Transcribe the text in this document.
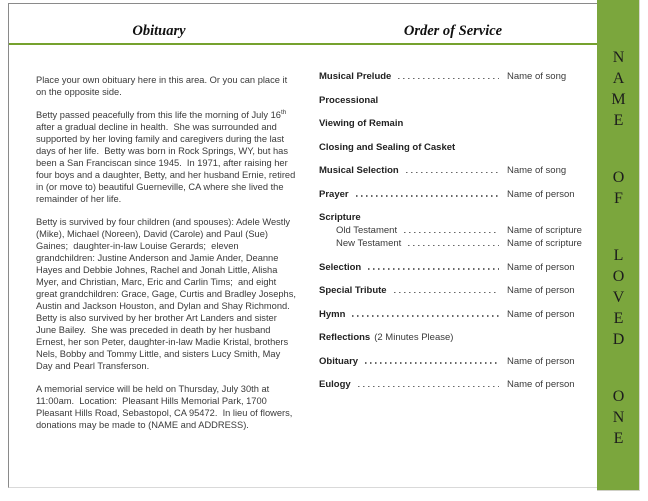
Obituary	Order of Service

Place your own obituary here in this area. Or you can place it on the opposite side.

Betty passed peacefully from this life the morning of July 16th after a gradual decline in health.  She was surrounded and supported by her loving family and caregivers during the last days of her life.  Betty was born in Rock Springs, WY, but has been a San Franciscan since 1945.  In 1971, after raising her four boys and a daughter, Betty, and her husband Ernie, retired in (or move to) beautiful Guerneville, CA where she lived the remainder of her life.

Betty is survived by four children (and spouses): Adele Westly (Mike), Michael (Noreen), David (Carole) and Paul (Sue) Gaines;  daughter-in-law Louise Gerards;  eleven grandchildren: Justine Anderson and Jamie Ander, Deanne Hayes and Debbie Johnes, Rachel and Jonah Little, Alisha Myer, and Christian, Marc, Eric and Carlin Tims;  and eight great grandchildren: Grace, Gage, Curtis and Bradley Josephs, Austin and Jackson Houston, and Dylan and Shay Richmond.  Betty is also survived by her brother Art Landers and sister June Bailey.  She was preceded in death by her husband Ernest, her son Peter, daughter-in-law Madie Kristal, brothers Nels, Bobby and Tommy Little, and sisters Lucy Smith, May Day and Pearl Transferson.

A memorial service will be held on Thursday, July 30th at 11:00am.  Location:  Pleasant Hills Memorial Park, 1700 Pleasant Hills Road, Sebastopol, CA 95472.  In lieu of flowers, donations may be made to (NAME and ADDRESS).

Musical Prelude	Name of song
Processional
Viewing of Remain
Closing and Sealing of Casket
Musical Selection	Name of song
Prayer	Name of person
Scripture
Old Testament	Name of scripture
New Testament	Name of scripture
Selection	Name of person
Special Tribute	Name of person
Hymn	Name of person
Reflections (2 Minutes Please)
Obituary	Name of person
Eulogy	Name of person	NAME OF LOVED ONE
